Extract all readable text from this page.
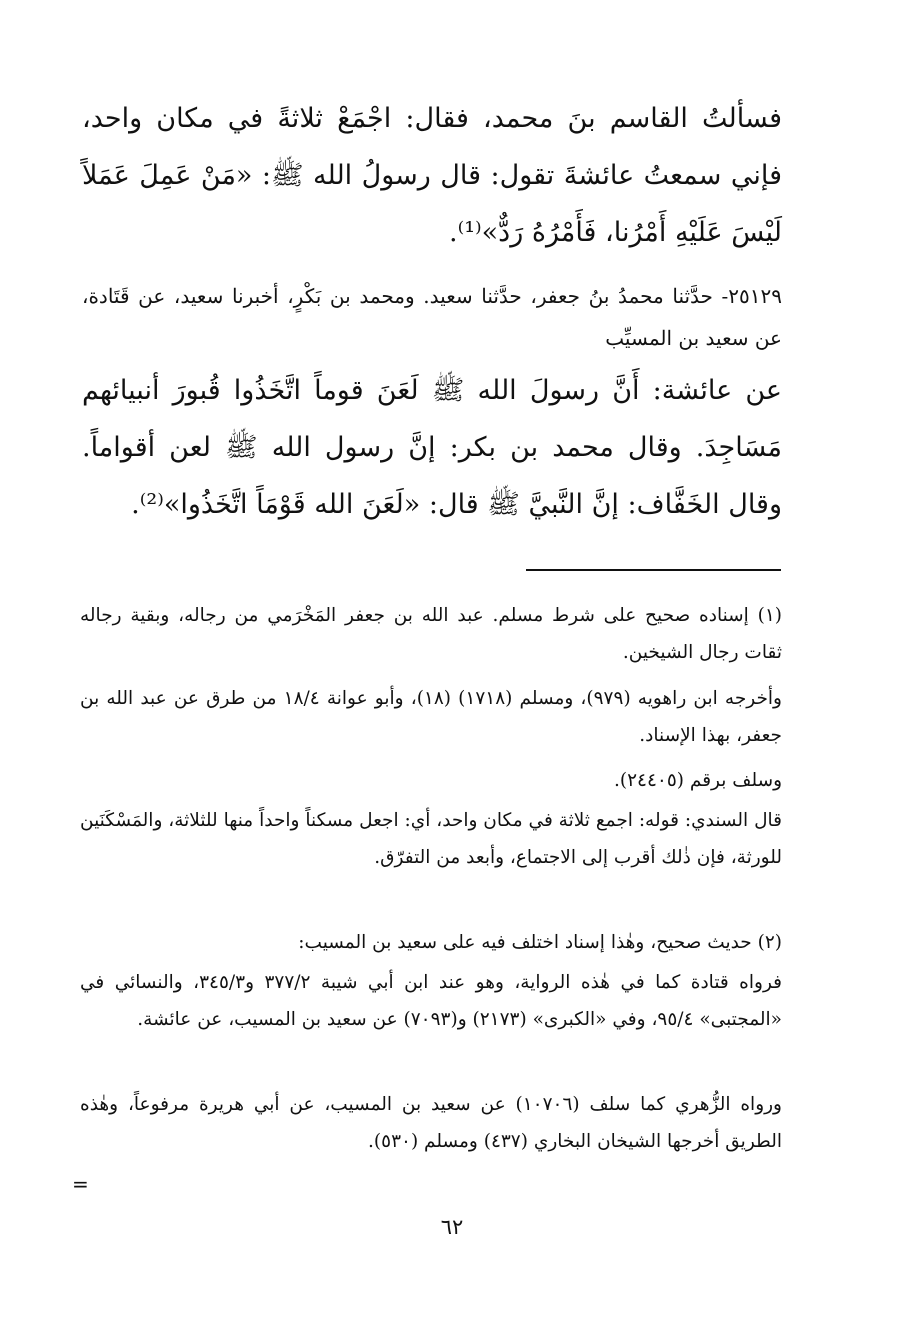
فسألتُ القاسم بنَ محمد، فقال: اجْمَعْ ثلاثةً في مكان واحد، فإني سمعتُ عائشةَ تقول: قال رسولُ الله ﷺ: «مَنْ عَمِلَ عَمَلاً لَيْسَ عَلَيْهِ أَمْرُنا، فَأَمْرُهُ رَدٌّ»⁽¹⁾.

٢٥١٢٩- حدَّثنا محمدُ بنُ جعفر، حدَّثنا سعيد. ومحمد بن بَكْرٍ، أخبرنا سعيد، عن قَتَادة، عن سعيد بن المسيِّب

عن عائشة: أَنَّ رسولَ الله ﷺ لَعَنَ قوماً اتَّخَذُوا قُبورَ أنبيائهم مَسَاجِدَ. وقال محمد بن بكر: إنَّ رسول الله ﷺ لعن أقواماً. وقال الخَفَّاف: إنَّ النَّبيَّ ﷺ قال: «لَعَنَ الله قَوْمَاً اتَّخَذُوا»⁽²⁾.

(١) إسناده صحيح على شرط مسلم. عبد الله بن جعفر المَخْرَمي من رجاله، وبقية رجاله ثقات رجال الشيخين.

وأخرجه ابن راهويه (٩٧٩)، ومسلم (١٧١٨) (١٨)، وأبو عوانة ١٨/٤ من طرق عن عبد الله بن جعفر، بهذا الإسناد.

وسلف برقم (٢٤٤٠٥).

قال السندي: قوله: اجمع ثلاثة في مكان واحد، أي: اجعل مسكناً واحداً منها للثلاثة، والمَسْكَنَين للورثة، فإن ذٰلك أقرب إلى الاجتماع، وأبعد من التفرّق.

(٢) حديث صحيح، وهٰذا إسناد اختلف فيه على سعيد بن المسيب:

فرواه قتادة كما في هٰذه الرواية، وهو عند ابن أبي شيبة ٣٧٧/٢ و٣٤٥/٣، والنسائي في «المجتبى» ٩٥/٤، وفي «الكبرى» (٢١٧٣) و(٧٠٩٣) عن سعيد بن المسيب، عن عائشة.

ورواه الزُّهري كما سلف (١٠٧٠٦) عن سعيد بن المسيب، عن أبي هريرة مرفوعاً، وهٰذه الطريق أخرجها الشيخان البخاري (٤٣٧) ومسلم (٥٣٠).

=
٦٢
